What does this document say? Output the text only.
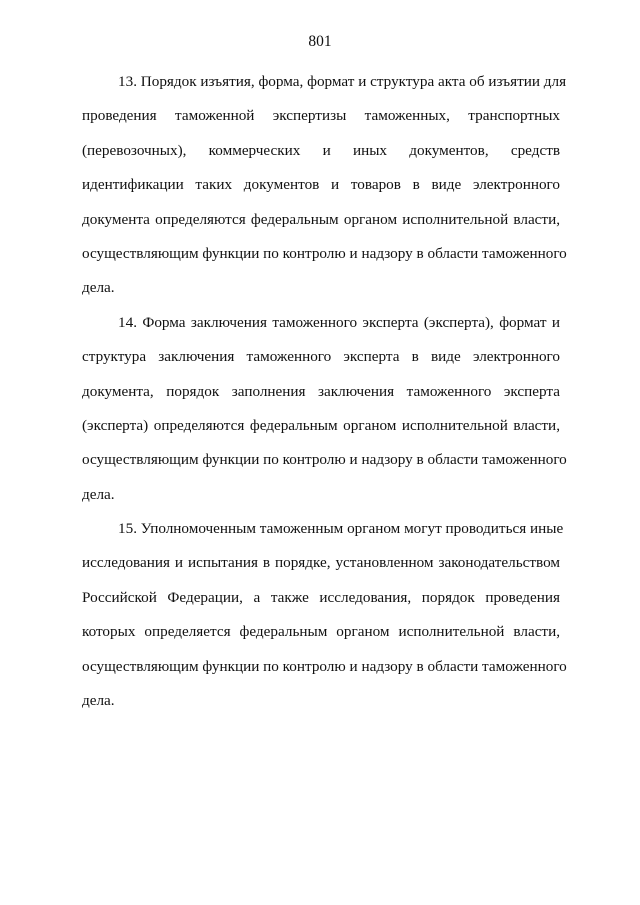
801

13. Порядок изъятия, форма, формат и структура акта об изъятии для
проведения таможенной экспертизы таможенных, транспортных
(перевозочных), коммерческих и иных документов, средств
идентификации таких документов и товаров в виде электронного
документа определяются федеральным органом исполнительной власти,
осуществляющим функции по контролю и надзору в области таможенного
дела.

14. Форма заключения таможенного эксперта (эксперта), формат и
структура заключения таможенного эксперта в виде электронного
документа, порядок заполнения заключения таможенного эксперта
(эксперта) определяются федеральным органом исполнительной власти,
осуществляющим функции по контролю и надзору в области таможенного
дела.

15. Уполномоченным таможенным органом могут проводиться иные
исследования и испытания в порядке, установленном законодательством
Российской Федерации, а также исследования, порядок проведения
которых определяется федеральным органом исполнительной власти,
осуществляющим функции по контролю и надзору в области таможенного
дела.
